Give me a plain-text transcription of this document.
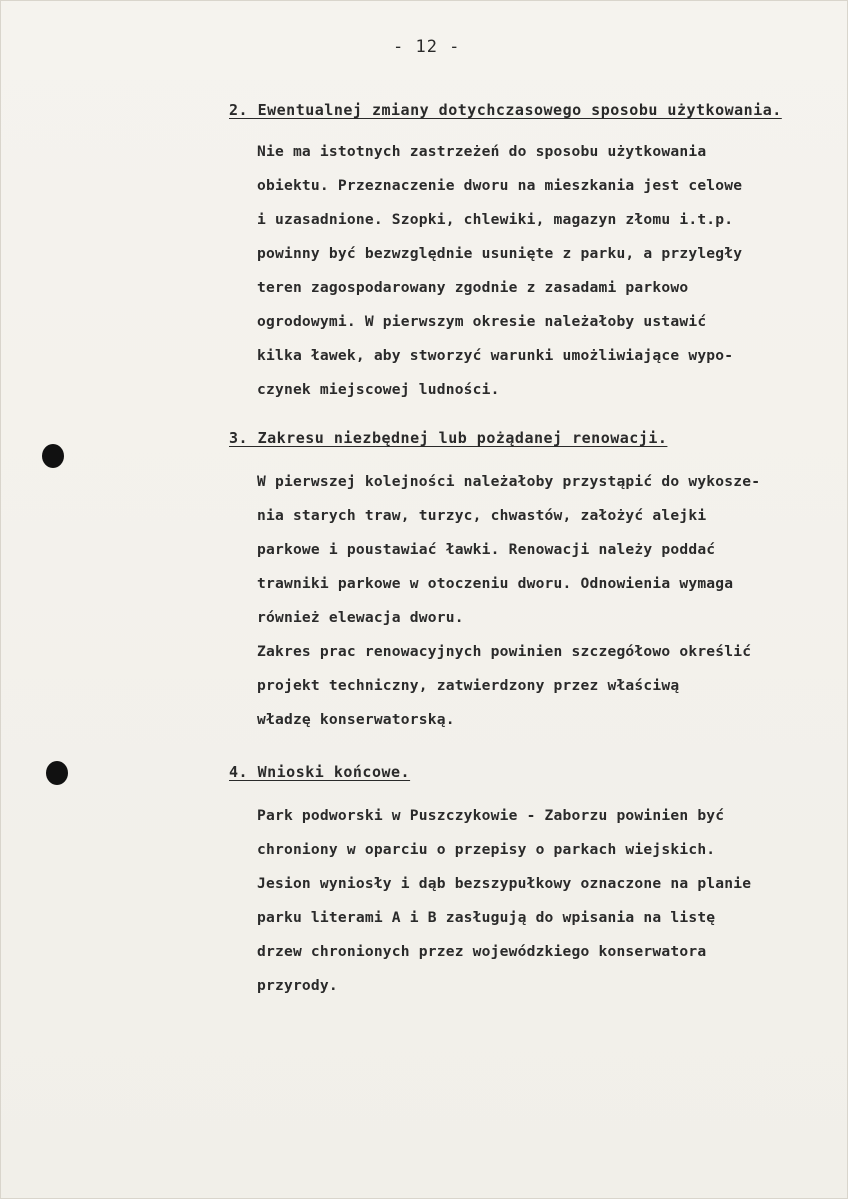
- 12 -
2. Ewentualnej zmiany dotychczasowego sposobu użytkowania.
Nie ma istotnych zastrzeżeń do sposobu użytkowania
obiektu. Przeznaczenie dworu na mieszkania jest celowe
i uzasadnione. Szopki, chlewiki, magazyn złomu i.t.p.
powinny być bezwzględnie usunięte z parku, a przyległy
teren zagospodarowany zgodnie z zasadami parkowo
ogrodowymi. W pierwszym okresie należałoby ustawić
kilka ławek, aby stworzyć warunki umożliwiające wypo-
czynek miejscowej ludności.
3. Zakresu niezbędnej lub pożądanej renowacji.
W pierwszej kolejności należałoby przystąpić do wykosze-
nia starych traw, turzyc, chwastów, założyć alejki
parkowe i poustawiać ławki. Renowacji należy poddać
trawniki parkowe w otoczeniu dworu. Odnowienia wymaga
również elewacja dworu.
Zakres prac renowacyjnych powinien szczegółowo określić
projekt techniczny, zatwierdzony przez właściwą
władzę konserwatorską.
4. Wnioski końcowe.
Park podworski w Puszczykowie - Zaborzu powinien być
chroniony w oparciu o przepisy o parkach wiejskich.
Jesion wyniosły i dąb bezszypułkowy oznaczone na planie
parku literami A i B zasługują do wpisania na listę
drzew chronionych przez wojewódzkiego konserwatora
przyrody.
